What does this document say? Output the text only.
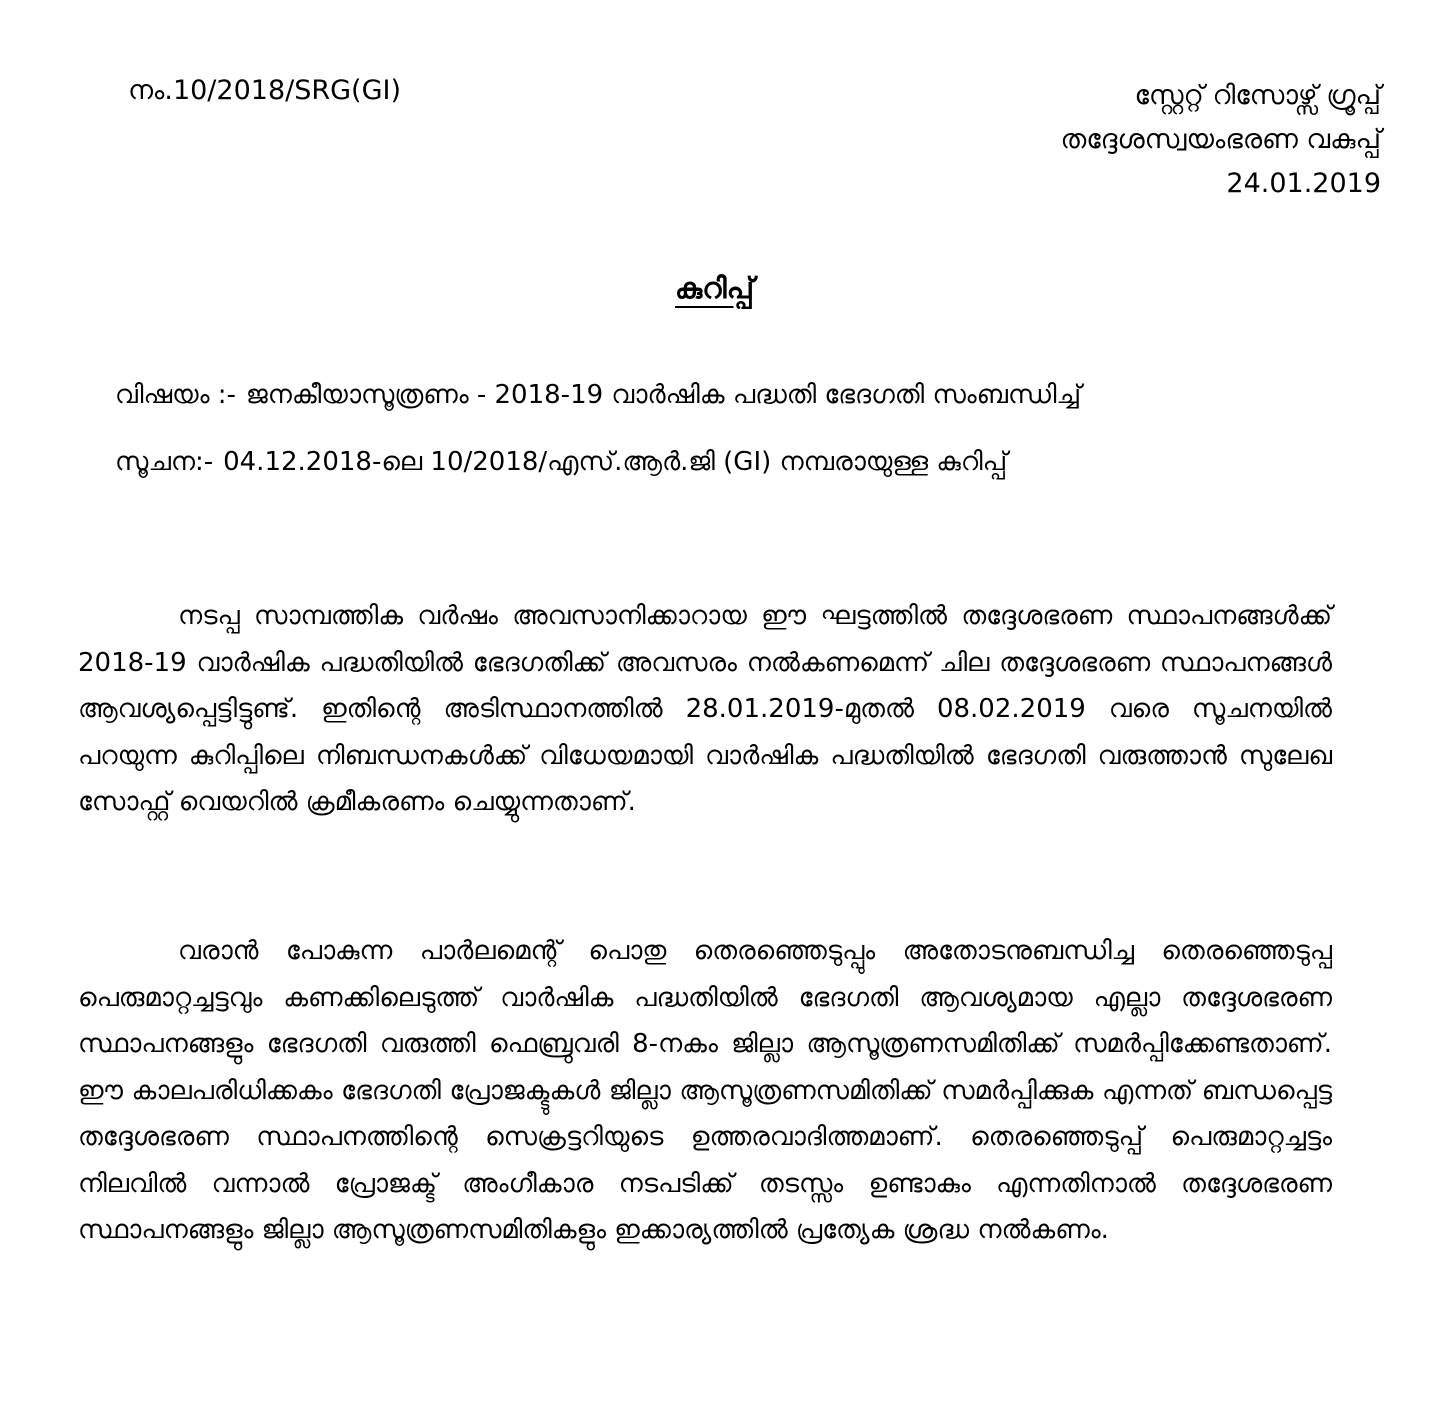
നം.10/2018/SRG(GI)	സ്റ്റേറ്റ് റിസോഴ്സ് ഗ്രൂപ്പ്
തദ്ദേശസ്വയംഭരണ വകുപ്പ്
24.01.2019
കുറിപ്പ്
വിഷയം :- ജനകീയാസൂത്രണം - 2018-19 വാർഷിക പദ്ധതി ഭേദഗതി സംബന്ധിച്ച്
സൂചന:- 04.12.2018-ലെ 10/2018/എസ്.ആർ.ജി (GI) നമ്പരായുള്ള കുറിപ്പ്

നടപ്പ സാമ്പത്തിക വർഷം അവസാനിക്കാറായ ഈ ഘട്ടത്തിൽ തദ്ദേശഭരണ സ്ഥാപനങ്ങൾക്ക് 2018-19 വാർഷിക പദ്ധതിയിൽ ഭേദഗതിക്ക് അവസരം നൽകണമെന്ന് ചില തദ്ദേശഭരണ സ്ഥാപനങ്ങൾ ആവശ്യപ്പെട്ടിട്ടുണ്ട്. ഇതിന്റെ അടിസ്ഥാനത്തിൽ 28.01.2019-മുതൽ 08.02.2019 വരെ സൂചനയിൽ പറയുന്ന കുറിപ്പിലെ നിബന്ധനകൾക്ക് വിധേയമായി വാർഷിക പദ്ധതിയിൽ ഭേദഗതി വരുത്താൻ സുലേഖ സോഫ്റ്റ് വെയറിൽ ക്രമീകരണം ചെയ്യുന്നതാണ്.

വരാൻ പോകുന്ന പാർലമെന്റ് പൊതു തെരഞ്ഞെടുപ്പും അതോടനുബന്ധിച്ച തെരഞ്ഞെടുപ്പ പെരുമാറ്റച്ചട്ടവും കണക്കിലെടുത്ത് വാർഷിക പദ്ധതിയിൽ ഭേദഗതി ആവശ്യമായ എല്ലാ തദ്ദേശഭരണ സ്ഥാപനങ്ങളും ഭേദഗതി വരുത്തി ഫെബ്രുവരി 8-നകം ജില്ലാ ആസൂത്രണസമിതിക്ക് സമർപ്പിക്കേണ്ടതാണ്. ഈ കാലപരിധിക്കകം ഭേദഗതി പ്രോജക്ടുകൾ ജില്ലാ ആസൂത്രണസമിതിക്ക് സമർപ്പിക്കുക എന്നത് ബന്ധപ്പെട്ട തദ്ദേശഭരണ സ്ഥാപനത്തിന്റെ സെക്രട്ടറിയുടെ ഉത്തരവാദിത്തമാണ്. തെരഞ്ഞെടുപ്പ് പെരുമാറ്റച്ചട്ടം നിലവിൽ വന്നാൽ പ്രോജക്ട് അംഗീകാര നടപടിക്ക് തടസ്സം ഉണ്ടാകും എന്നതിനാൽ തദ്ദേശഭരണ സ്ഥാപനങ്ങളും ജില്ലാ ആസൂത്രണസമിതികളും ഇക്കാര്യത്തിൽ പ്രത്യേക ശ്രദ്ധ നൽകണം.
